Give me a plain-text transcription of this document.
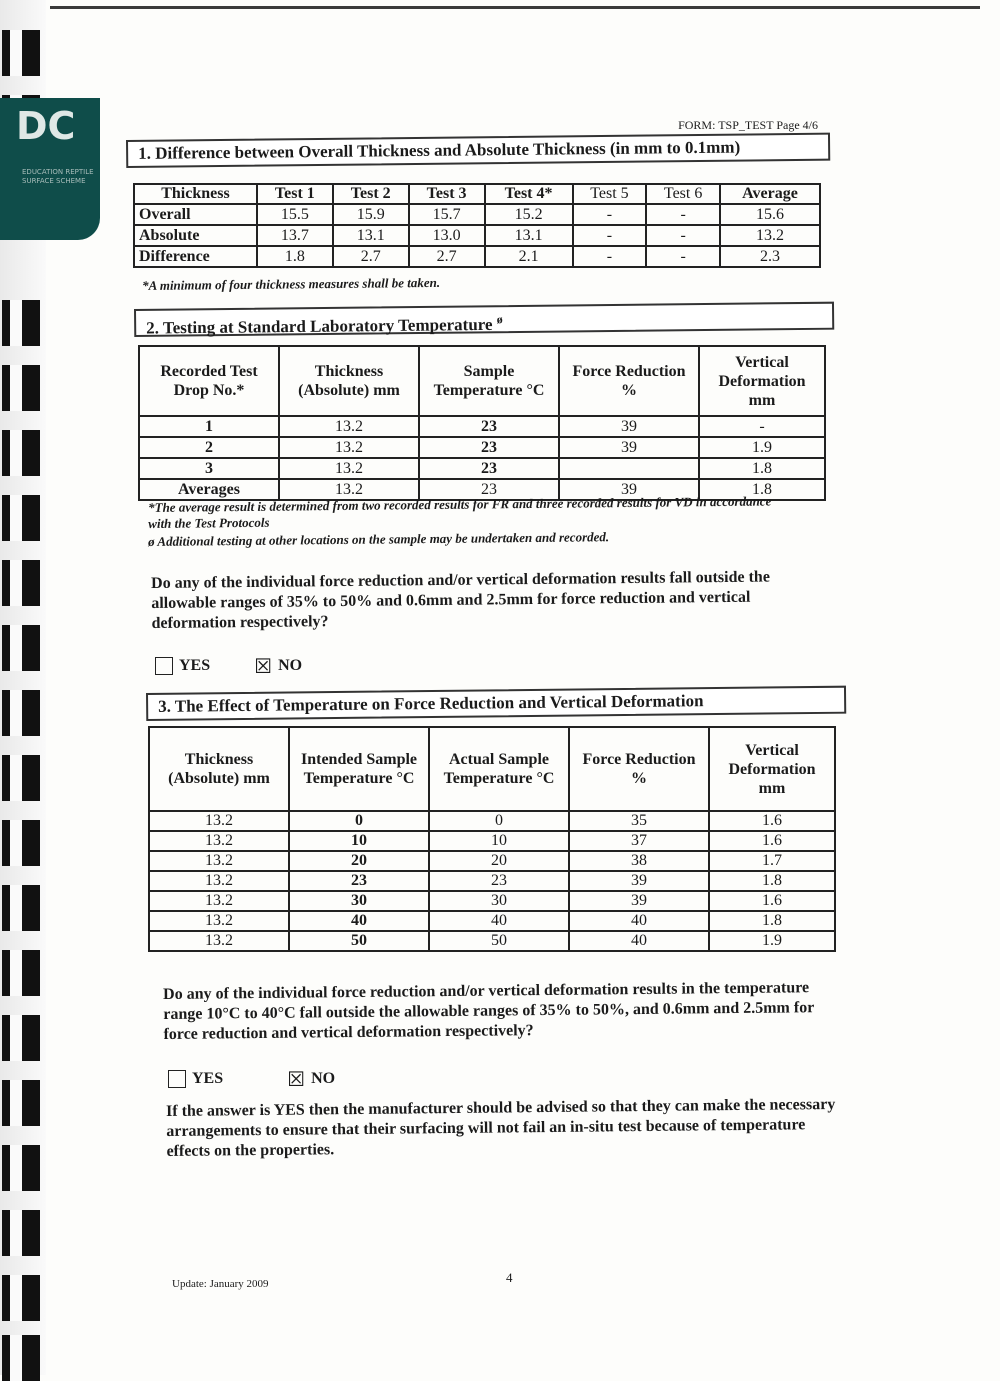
DC
EDUCATION REPTILE SURFACE SCHEME
FORM: TSP_TEST Page 4/6
1. Difference between Overall Thickness and Absolute Thickness (in mm to 0.1mm)
Thickness	Test 1	Test 2	Test 3	Test 4*	Test 5	Test 6	Average
Overall	15.5	15.9	15.7	15.2	-	-	15.6
Absolute	13.7	13.1	13.0	13.1	-	-	13.2
Difference	1.8	2.7	2.7	2.1	-	-	2.3
*A minimum of four thickness measures shall be taken.
2. Testing at Standard Laboratory Temperature $^ø$
Recorded Test Drop No.*	Thickness (Absolute) mm	Sample Temperature °C	Force Reduction %	Vertical Deformation mm
1	13.2	23	39	-
2	13.2	23	39	1.9
3	13.2	23		1.8
Averages	13.2	23	39	1.8
*The average result is determined from two recorded results for FR and three recorded results for VD in accordance with the Test Protocols
ø Additional testing at other locations on the sample may be undertaken and recorded.
Do any of the individual force reduction and/or vertical deformation results fall outside the allowable ranges of 35% to 50% and 0.6mm and 2.5mm for force reduction and vertical deformation respectively?
YES ☒ NO
3. The Effect of Temperature on Force Reduction and Vertical Deformation
Thickness (Absolute) mm	Intended Sample Temperature °C	Actual Sample Temperature °C	Force Reduction %	Vertical Deformation mm
13.2	0	0	35	1.6
13.2	10	10	37	1.6
13.2	20	20	38	1.7
13.2	23	23	39	1.8
13.2	30	30	39	1.6
13.2	40	40	40	1.8
13.2	50	50	40	1.9
Do any of the individual force reduction and/or vertical deformation results in the temperature range 10°C to 40°C fall outside the allowable ranges of 35% to 50%, and 0.6mm and 2.5mm for force reduction and vertical deformation respectively?
YES	☒ NO
If the answer is YES then the manufacturer should be advised so that they can make the necessary arrangements to ensure that their surfacing will not fail an in-situ test because of temperature effects on the properties.
Update: January 2009	4
